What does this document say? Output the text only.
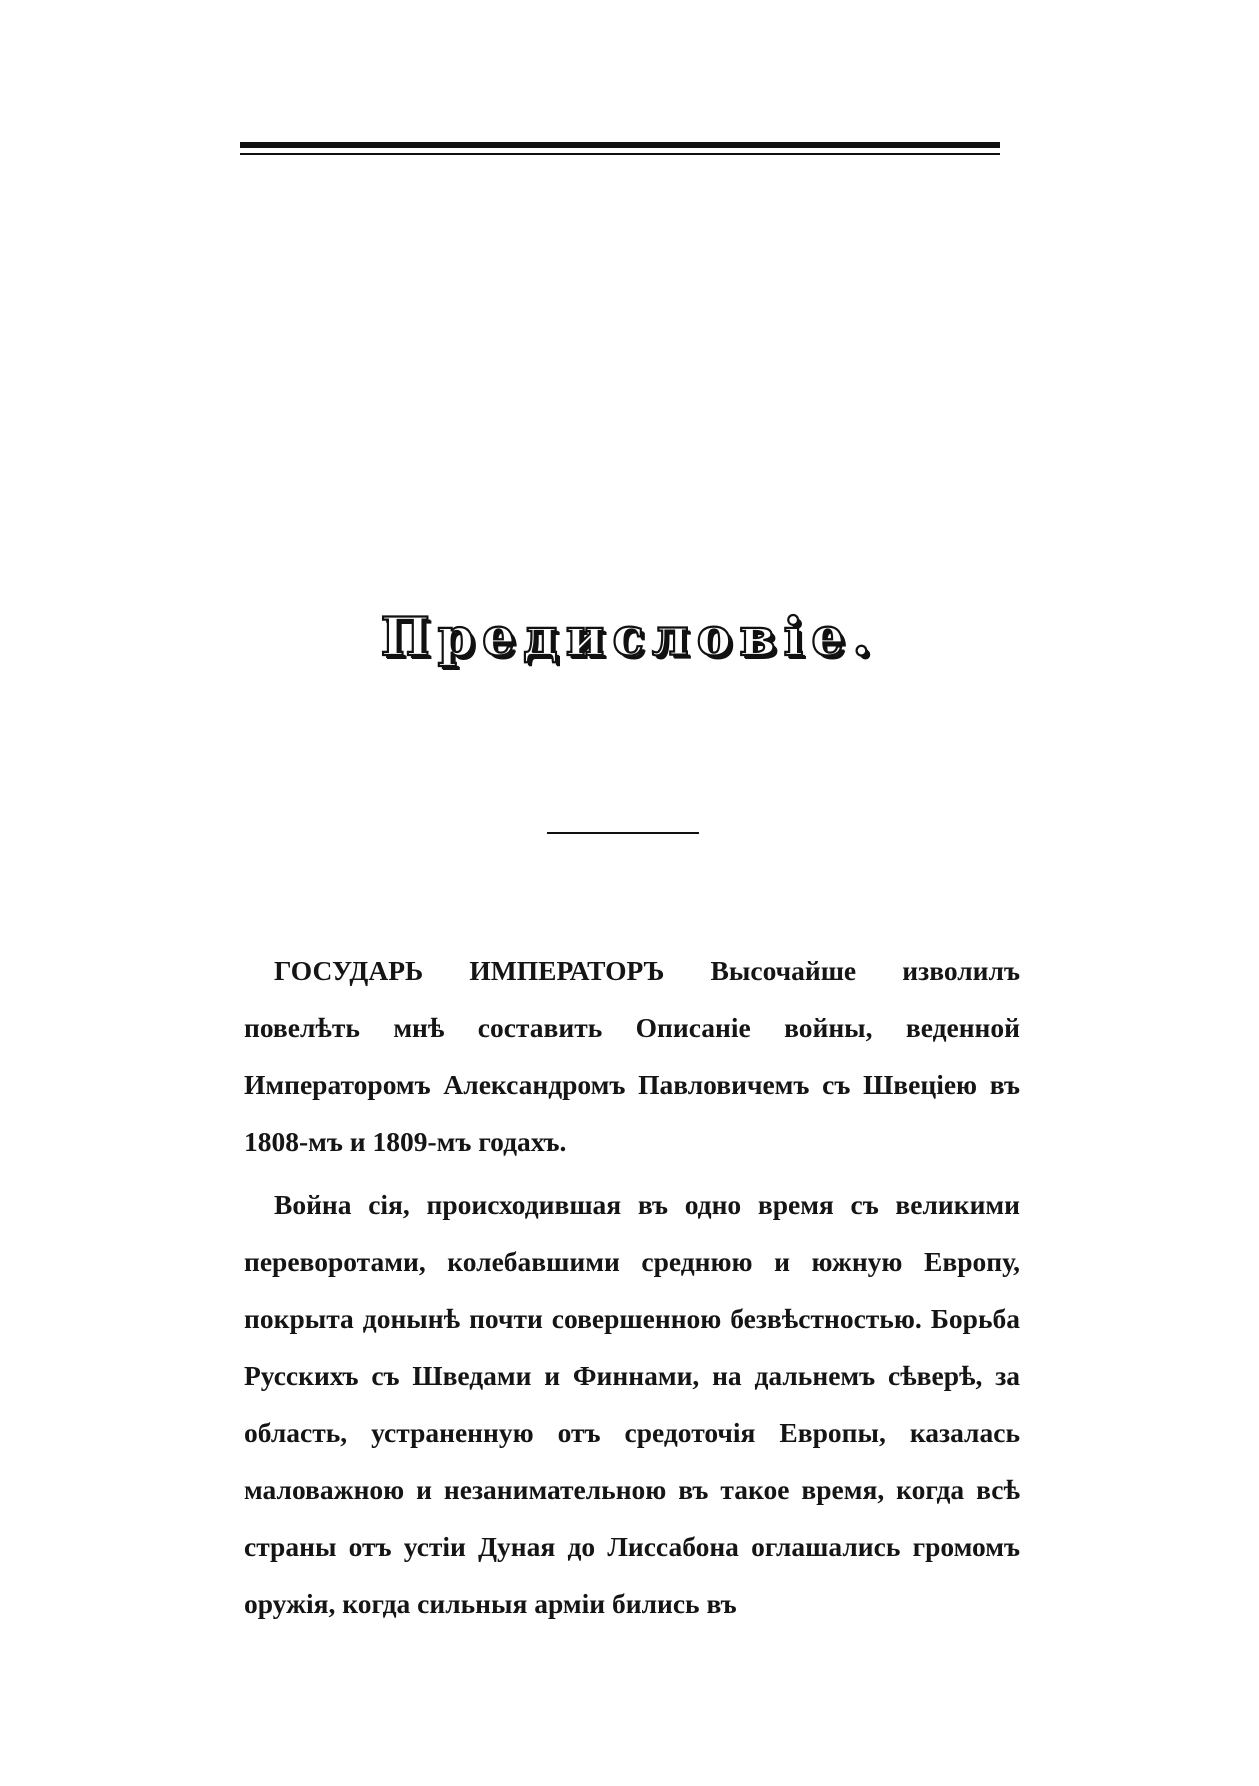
Предисловіе.

ГОСУДАРЬ ИМПЕРАТОРЪ Высочайше изволилъ повелѣть мнѣ составить Описаніе войны, веденной Императоромъ Александромъ Павловичемъ съ Швеціею въ 1808-мъ и 1809-мъ годахъ.

Война сія, происходившая въ одно время съ великими переворотами, колебавшими среднюю и южную Европу, покрыта донынѣ почти совершенною безвѣстностью. Борьба Русскихъ съ Шведами и Финнами, на дальнемъ сѣверѣ, за область, устраненную отъ средоточія Европы, казалась маловажною и незанимательною въ такое время, когда всѣ страны отъ устіи Дуная до Лиссабона оглашались громомъ оружія, когда сильныя арміи бились въ
